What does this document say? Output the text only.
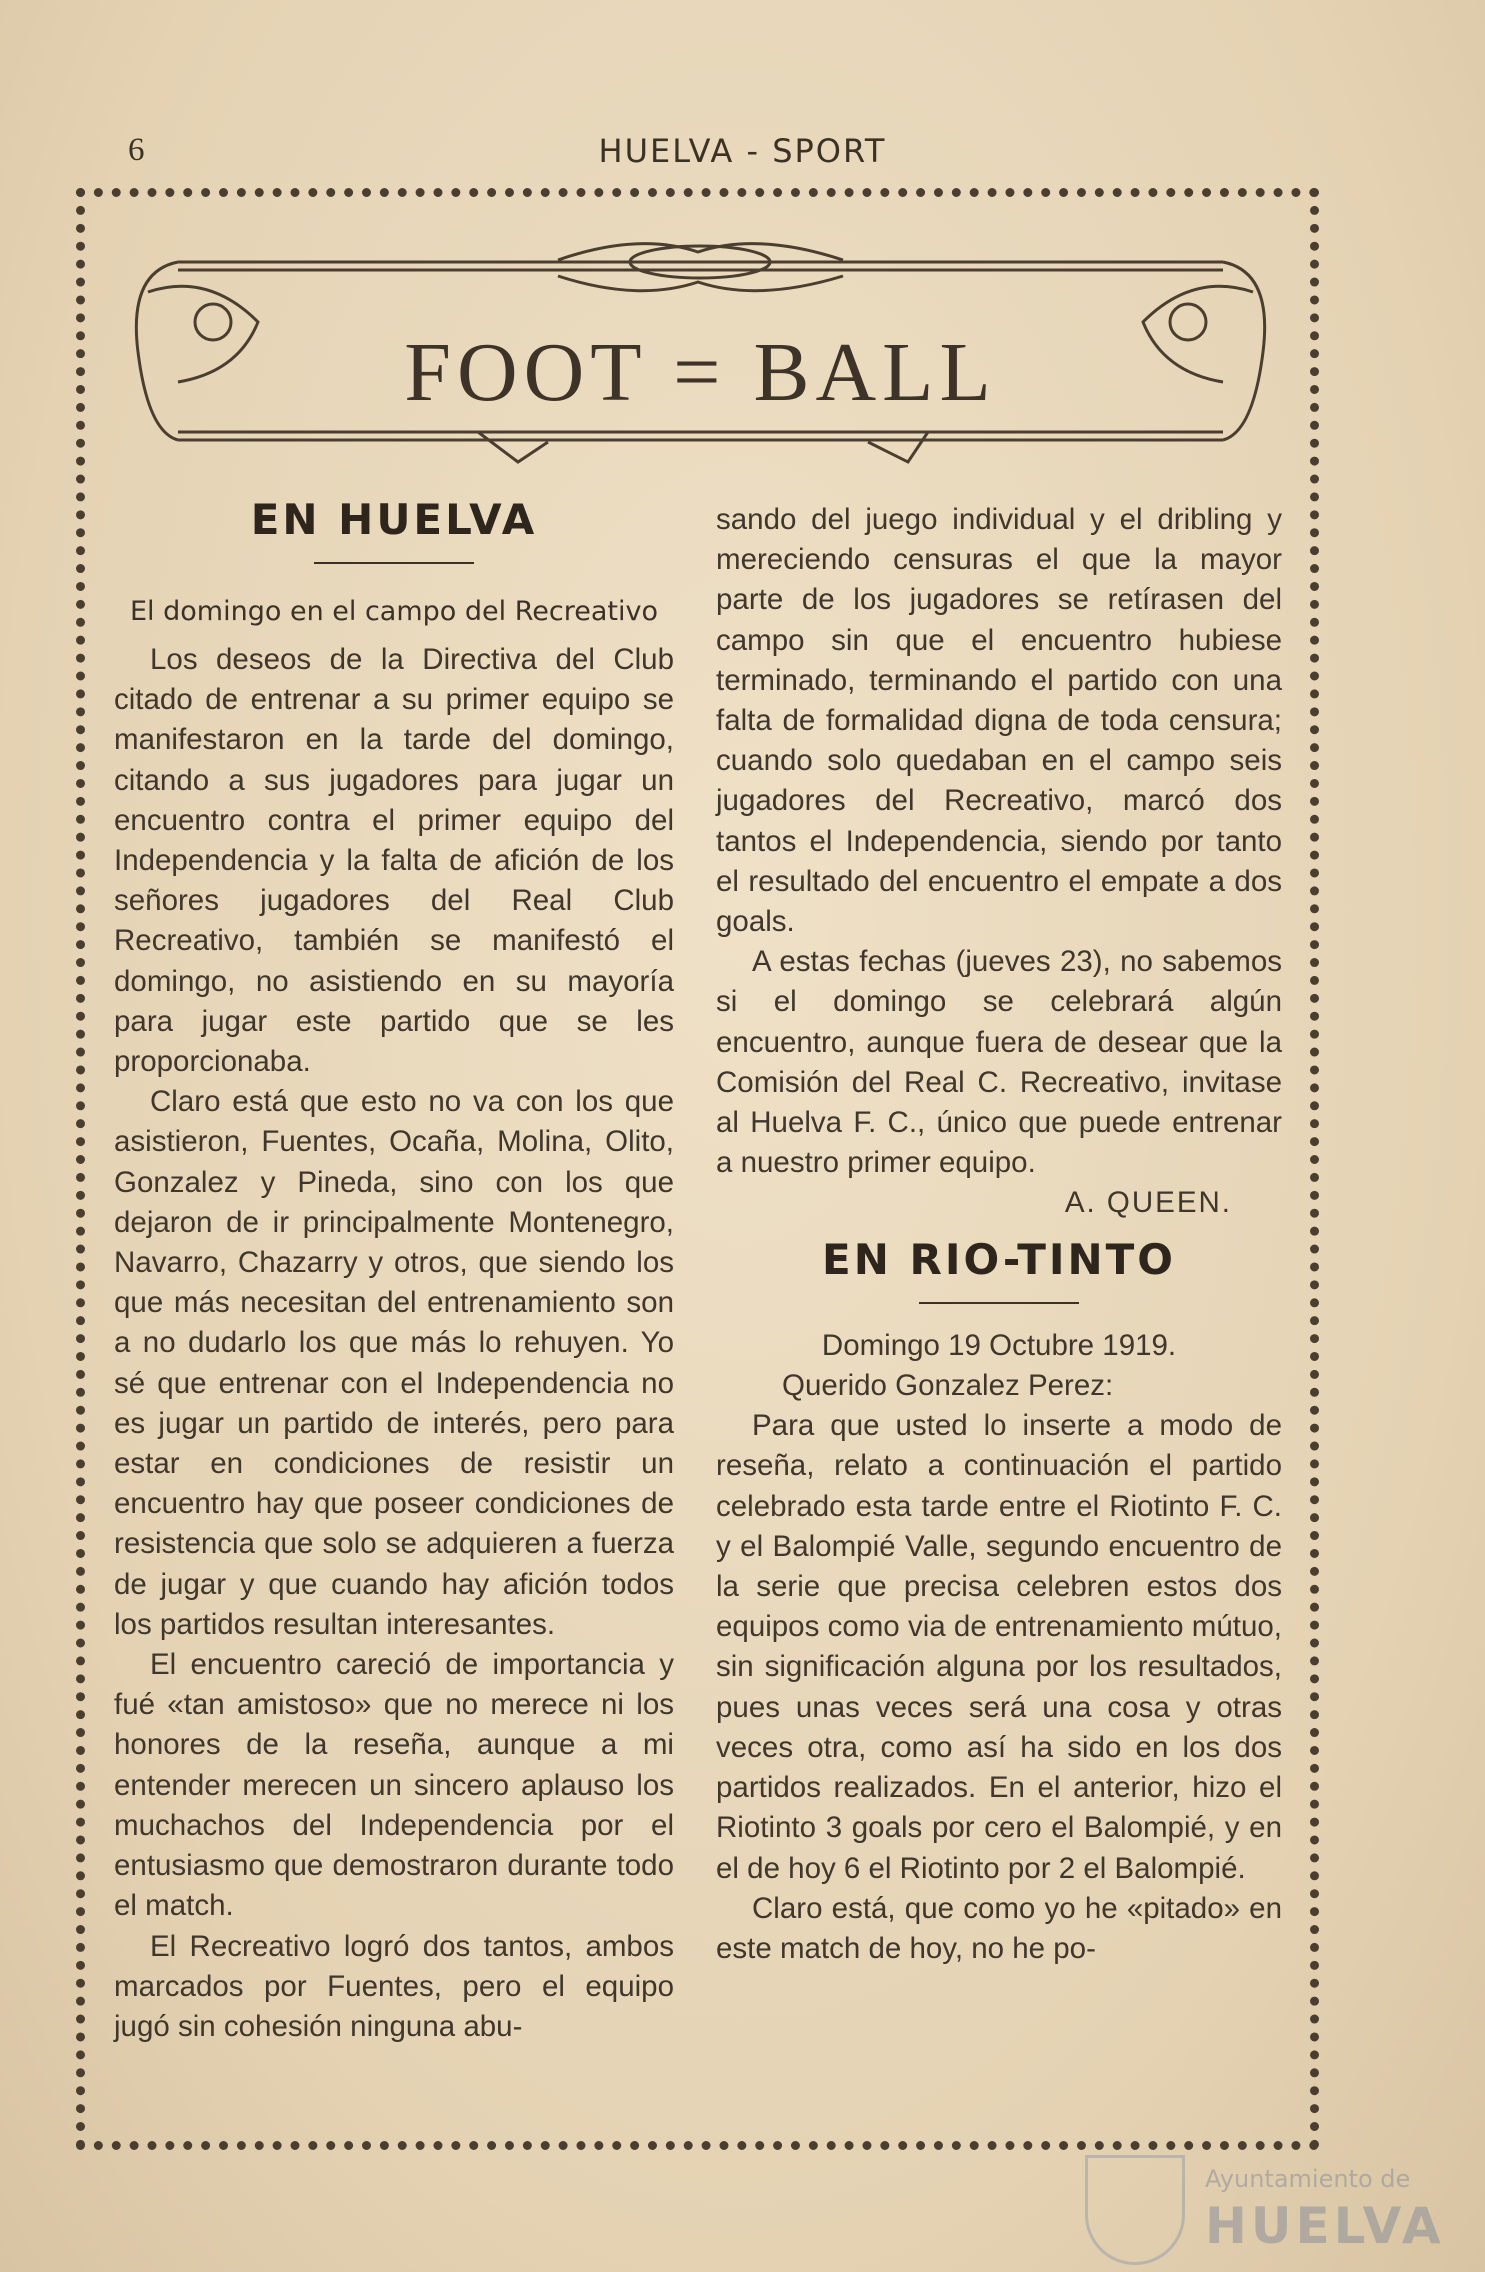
6	HUELVA - SPORT
FOOT = BALL
EN HUELVA
El domingo en el campo del Recreativo

Los deseos de la Directiva del Club citado de entrenar a su primer equipo se manifestaron en la tarde del domingo, citando a sus jugadores para jugar un encuentro contra el primer equipo del Independencia y la falta de afición de los señores jugadores del Real Club Recreativo, también se manifestó el domingo, no asistiendo en su mayoría para jugar este partido que se les proporcionaba.

Claro está que esto no va con los que asistieron, Fuentes, Ocaña, Molina, Olito, Gonzalez y Pineda, sino con los que dejaron de ir principalmente Montenegro, Navarro, Chazarry y otros, que siendo los que más necesitan del entrenamiento son a no dudarlo los que más lo rehuyen. Yo sé que entrenar con el Independencia no es jugar un partido de interés, pero para estar en condiciones de resistir un encuentro hay que poseer condiciones de resistencia que solo se adquieren a fuerza de jugar y que cuando hay afición todos los partidos resultan interesantes.

El encuentro careció de importancia y fué «tan amistoso» que no merece ni los honores de la reseña, aunque a mi entender merecen un sincero aplauso los muchachos del Independencia por el entusiasmo que demostraron durante todo el match.

El Recreativo logró dos tantos, ambos marcados por Fuentes, pero el equipo jugó sin cohesión ninguna abu-

sando del juego individual y el dribling y mereciendo censuras el que la mayor parte de los jugadores se retírasen del campo sin que el encuentro hubiese terminado, terminando el partido con una falta de formalidad digna de toda censura; cuando solo quedaban en el campo seis jugadores del Recreativo, marcó dos tantos el Independencia, siendo por tanto el resultado del encuentro el empate a dos goals.

A estas fechas (jueves 23), no sabemos si el domingo se celebrará algún encuentro, aunque fuera de desear que la Comisión del Real C. Recreativo, invitase al Huelva F. C., único que puede entrenar a nuestro primer equipo.

A. QUEEN.

EN RIO-TINTO

Domingo 19 Octubre 1919.

Querido Gonzalez Perez:

Para que usted lo inserte a modo de reseña, relato a continuación el partido celebrado esta tarde entre el Riotinto F. C. y el Balompié Valle, segundo encuentro de la serie que precisa celebren estos dos equipos como via de entrenamiento mútuo, sin significación alguna por los resultados, pues unas veces será una cosa y otras veces otra, como así ha sido en los dos partidos realizados. En el anterior, hizo el Riotinto 3 goals por cero el Balompié, y en el de hoy 6 el Riotinto por 2 el Balompié.

Claro está, que como yo he «pitado» en este match de hoy, no he po-

Ayuntamiento de
HUELVA
